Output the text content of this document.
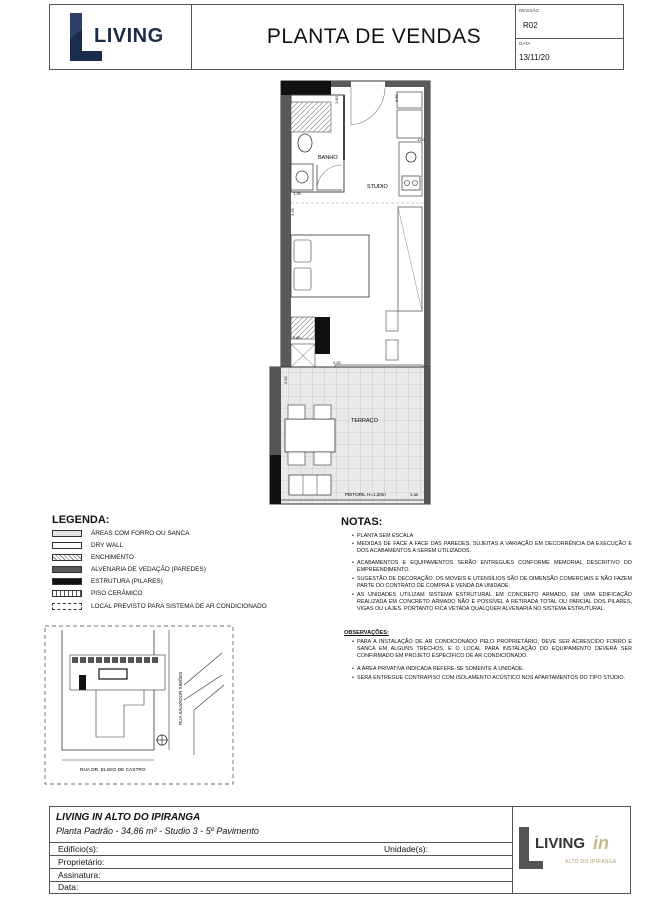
LIVING	PLANTA DE VENDAS
REVISÃO
R02
DATA
13/11/20
BANHO
STUDIO
TERRAÇO
PEITORIL H=1,20m
1.60	0.50
1.80
1.20
3.25
0.60
2.20
2.92
3.38
LEGENDA:
ÁREAS COM FORRO OU SANCA
DRY WALL
ENCHIMENTO
ALVENARIA DE VEDAÇÃO (PAREDES)
ESTRUTURA (PILARES)
PISO CERÂMICO
LOCAL PREVISTO PARA SISTEMA DE AR CONDICIONADO
RUA SALVADOR SIMÕES
RUA DR. ELISIO DE CASTRO
NOTAS:
• PLANTA SEM ESCALA
• MEDIDAS DE FACE A FACE DAS PAREDES, SUJEITAS A VARIAÇÃO EM DECORRÊNCIA DA EXECUÇÃO E DOS ACABAMENTOS A SEREM UTILIZADOS.
• ACABAMENTOS E EQUIPAMENTOS SERÃO ENTREGUES CONFORME MEMORIAL DESCRITIVO DO EMPREENDIMENTO.
• SUGESTÃO DE DECORAÇÃO. OS MOVEIS E UTENSÍLIOS SÃO DE DIMENSÃO COMERCIAIS E NÃO FAZEM PARTE DO CONTRATO DE COMPRA E VENDA DA UNIDADE.
• AS UNIDADES UTILIZAM SISTEMA ESTRUTURAL EM CONCRETO ARMADO, EM UMA EDIFICAÇÃO REALIZADA EM CONCRETO ARMADO NÃO É POSSÍVEL A RETIRADA TOTAL OU PARCIAL DOS PILARES, VIGAS OU LAJES. PORTANTO FICA VETADA QUALQUER ALVENARIA NO SISTEMA ESTRUTURAL.
OBSERVAÇÕES:
• PARA A INSTALAÇÃO DE AR CONDICIONADO PELO PROPRIETÁRIO, DEVE SER ACRESCIDO FORRO E SANCA EM ALGUNS TRECHOS, E O LOCAL PARA INSTALAÇÃO DO EQUIPAMENTO DEVERÁ SER CONFIRMADO EM PROJETO ESPECÍFICO DE AR CONDICIONADO.
• A ÁREA PRIVATIVA INDICADA REFERE-SE SOMENTE À UNIDADE.
• SERÁ ENTREGUE CONTRAPISO COM ISOLAMENTO ACÚSTICO NOS APARTAMENTOS DO TIPO STUDIO.
LIVING IN ALTO DO IPIRANGA
Planta Padrão - 34,86 m² - Studio 3 - 5º Pavimento
Edifício(s):	Unidade(s):
Proprietário:
Assinatura:
Data:
LIVING in
ALTO DO IPIRANGA
